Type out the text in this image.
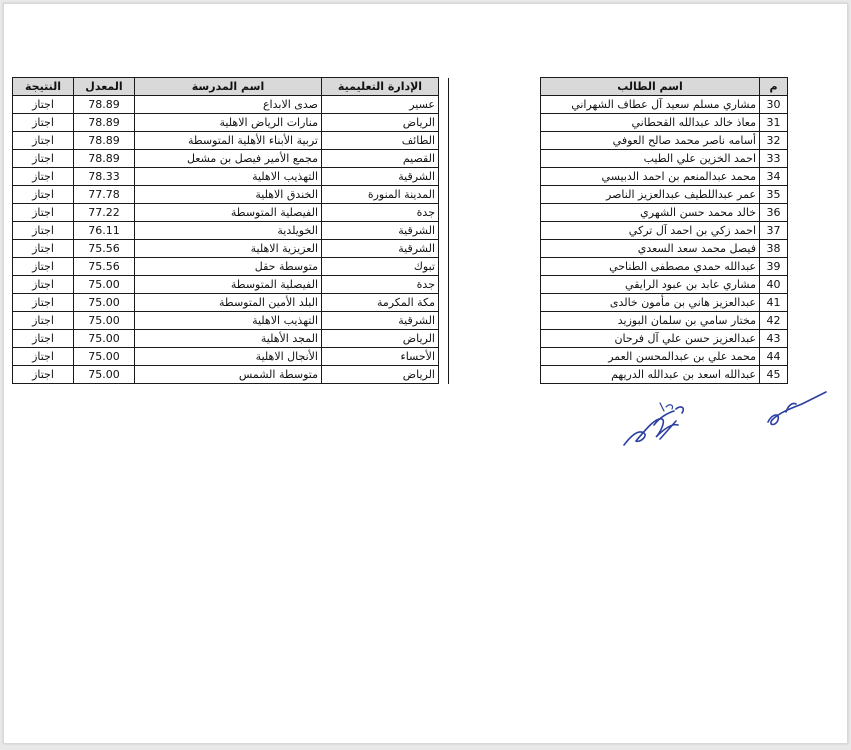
اسم الطالب	م
مشاري مسلم سعيد آل عطاف الشهراني	30
معاذ خالد عبدالله القحطاني	31
أسامه ناصر محمد صالح العوفي	32
احمد الخزين علي الطيب	33
محمد عبدالمنعم بن احمد الدبيسي	34
عمر عبداللطيف عبدالعزيز الناصر	35
خالد محمد حسن الشهري	36
احمد زكي بن احمد آل تركي	37
فيصل محمد سعد السعدي	38
عبدالله حمدي مصطفى الطناحي	39
مشاري عابد بن عبود الرايقي	40
عبدالعزيز هاني بن مأمون خالدى	41
مختار سامي بن سلمان البوزيد	42
عبدالعزيز حسن علي آل فرحان	43
محمد علي بن عبدالمحسن العمر	44
عبدالله اسعد بن عبدالله الدريهم	45
النتيجة	المعدل	اسم المدرسة	الإدارة التعليمية	
اجتاز	78.89	صدى الابداع	عسير	
اجتاز	78.89	منارات الرياض الاهلية	الرياض	
اجتاز	78.89	تربية الأبناء الأهلية المتوسطة	الطائف	
اجتاز	78.89	مجمع الأمير فيصل بن مشعل	القصيم	
اجتاز	78.33	التهذيب الاهلية	الشرقية	
اجتاز	77.78	الخندق الاهلية	المدينة المنورة	
اجتاز	77.22	الفيصلية المتوسطة	جدة	
اجتاز	76.11	الخويلدية	الشرقية	
اجتاز	75.56	العزيزية الاهلية	الشرقية	
اجتاز	75.56	متوسطة حقل	تبوك	
اجتاز	75.00	الفيصلية المتوسطة	جدة	
اجتاز	75.00	البلد الأمين المتوسطة	مكة المكرمة	
اجتاز	75.00	التهذيب الاهلية	الشرقية	
اجتاز	75.00	المجد الأهلية	الرياض	
اجتاز	75.00	الأنجال الاهلية	الأحساء	
اجتاز	75.00	متوسطة الشمس	الرياض	
